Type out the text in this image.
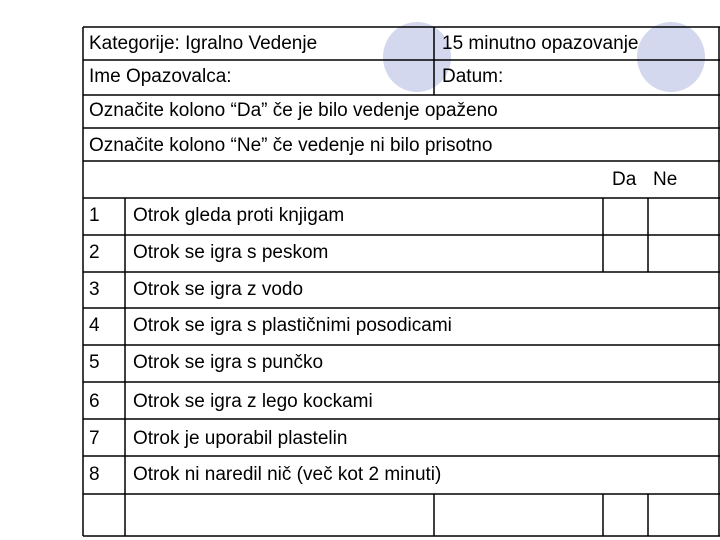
Kategorije: Igralno Vedenje	15 minutno opazovanje
Ime Opazovalca:	Datum:
Označite kolono “Da” če je bilo vedenje opaženo
Označite kolono “Ne” če vedenje ni bilo prisotno
Da Ne
1 Otrok gleda proti knjigam
2 Otrok se igra s peskom
3 Otrok se igra z vodo
4 Otrok se igra s plastičnimi posodicami
5 Otrok se igra s punčko
6 Otrok se igra z lego kockami
7 Otrok je uporabil plastelin
8 Otrok ni naredil nič (več kot 2 minuti)
